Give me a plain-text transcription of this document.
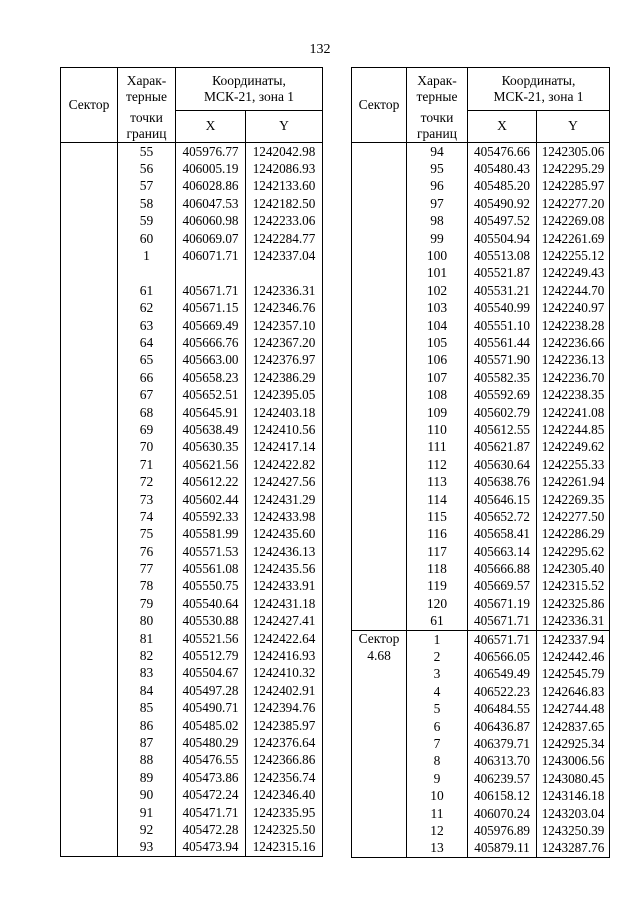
132
Сектор	Харак-
терные	Координаты,
МСК-21, зона 1	
	точки
границ	X	Y
	55	405976.77	1242042.98
	56	406005.19	1242086.93
	57	406028.86	1242133.60
	58	406047.53	1242182.50
	59	406060.98	1242233.06
	60	406069.07	1242284.77
	1	406071.71	1242337.04

	61	405671.71	1242336.31
	62	405671.15	1242346.76
	63	405669.49	1242357.10
	64	405666.76	1242367.20
	65	405663.00	1242376.97
	66	405658.23	1242386.29
	67	405652.51	1242395.05
	68	405645.91	1242403.18
	69	405638.49	1242410.56
	70	405630.35	1242417.14
	71	405621.56	1242422.82
	72	405612.22	1242427.56
	73	405602.44	1242431.29
	74	405592.33	1242433.98
	75	405581.99	1242435.60
	76	405571.53	1242436.13
	77	405561.08	1242435.56
	78	405550.75	1242433.91
	79	405540.64	1242431.18
	80	405530.88	1242427.41
	81	405521.56	1242422.64
	82	405512.79	1242416.93
	83	405504.67	1242410.32
	84	405497.28	1242402.91
	85	405490.71	1242394.76
	86	405485.02	1242385.97
	87	405480.29	1242376.64
	88	405476.55	1242366.86
	89	405473.86	1242356.74
	90	405472.24	1242346.40
	91	405471.71	1242335.95
	92	405472.28	1242325.50
	93	405473.94	1242315.16
Сектор	Харак-
терные	Координаты,
МСК-21, зона 1	
	точки
границ	X	Y
	94	405476.66	1242305.06
	95	405480.43	1242295.29
	96	405485.20	1242285.97
	97	405490.92	1242277.20
	98	405497.52	1242269.08
	99	405504.94	1242261.69
	100	405513.08	1242255.12
	101	405521.87	1242249.43
	102	405531.21	1242244.70
	103	405540.99	1242240.97
	104	405551.10	1242238.28
	105	405561.44	1242236.66
	106	405571.90	1242236.13
	107	405582.35	1242236.70
	108	405592.69	1242238.35
	109	405602.79	1242241.08
	110	405612.55	1242244.85
	111	405621.87	1242249.62
	112	405630.64	1242255.33
	113	405638.76	1242261.94
	114	405646.15	1242269.35
	115	405652.72	1242277.50
	116	405658.41	1242286.29
	117	405663.14	1242295.62
	118	405666.88	1242305.40
	119	405669.57	1242315.52
	120	405671.19	1242325.86
	61	405671.71	1242336.31
Сектор	1	406571.71	1242337.94
4.68	2	406566.05	1242442.46
	3	406549.49	1242545.79
	4	406522.23	1242646.83
	5	406484.55	1242744.48
	6	406436.87	1242837.65
	7	406379.71	1242925.34
	8	406313.70	1243006.56
	9	406239.57	1243080.45
	10	406158.12	1243146.18
	11	406070.24	1243203.04
	12	405976.89	1243250.39
	13	405879.11	1243287.76
